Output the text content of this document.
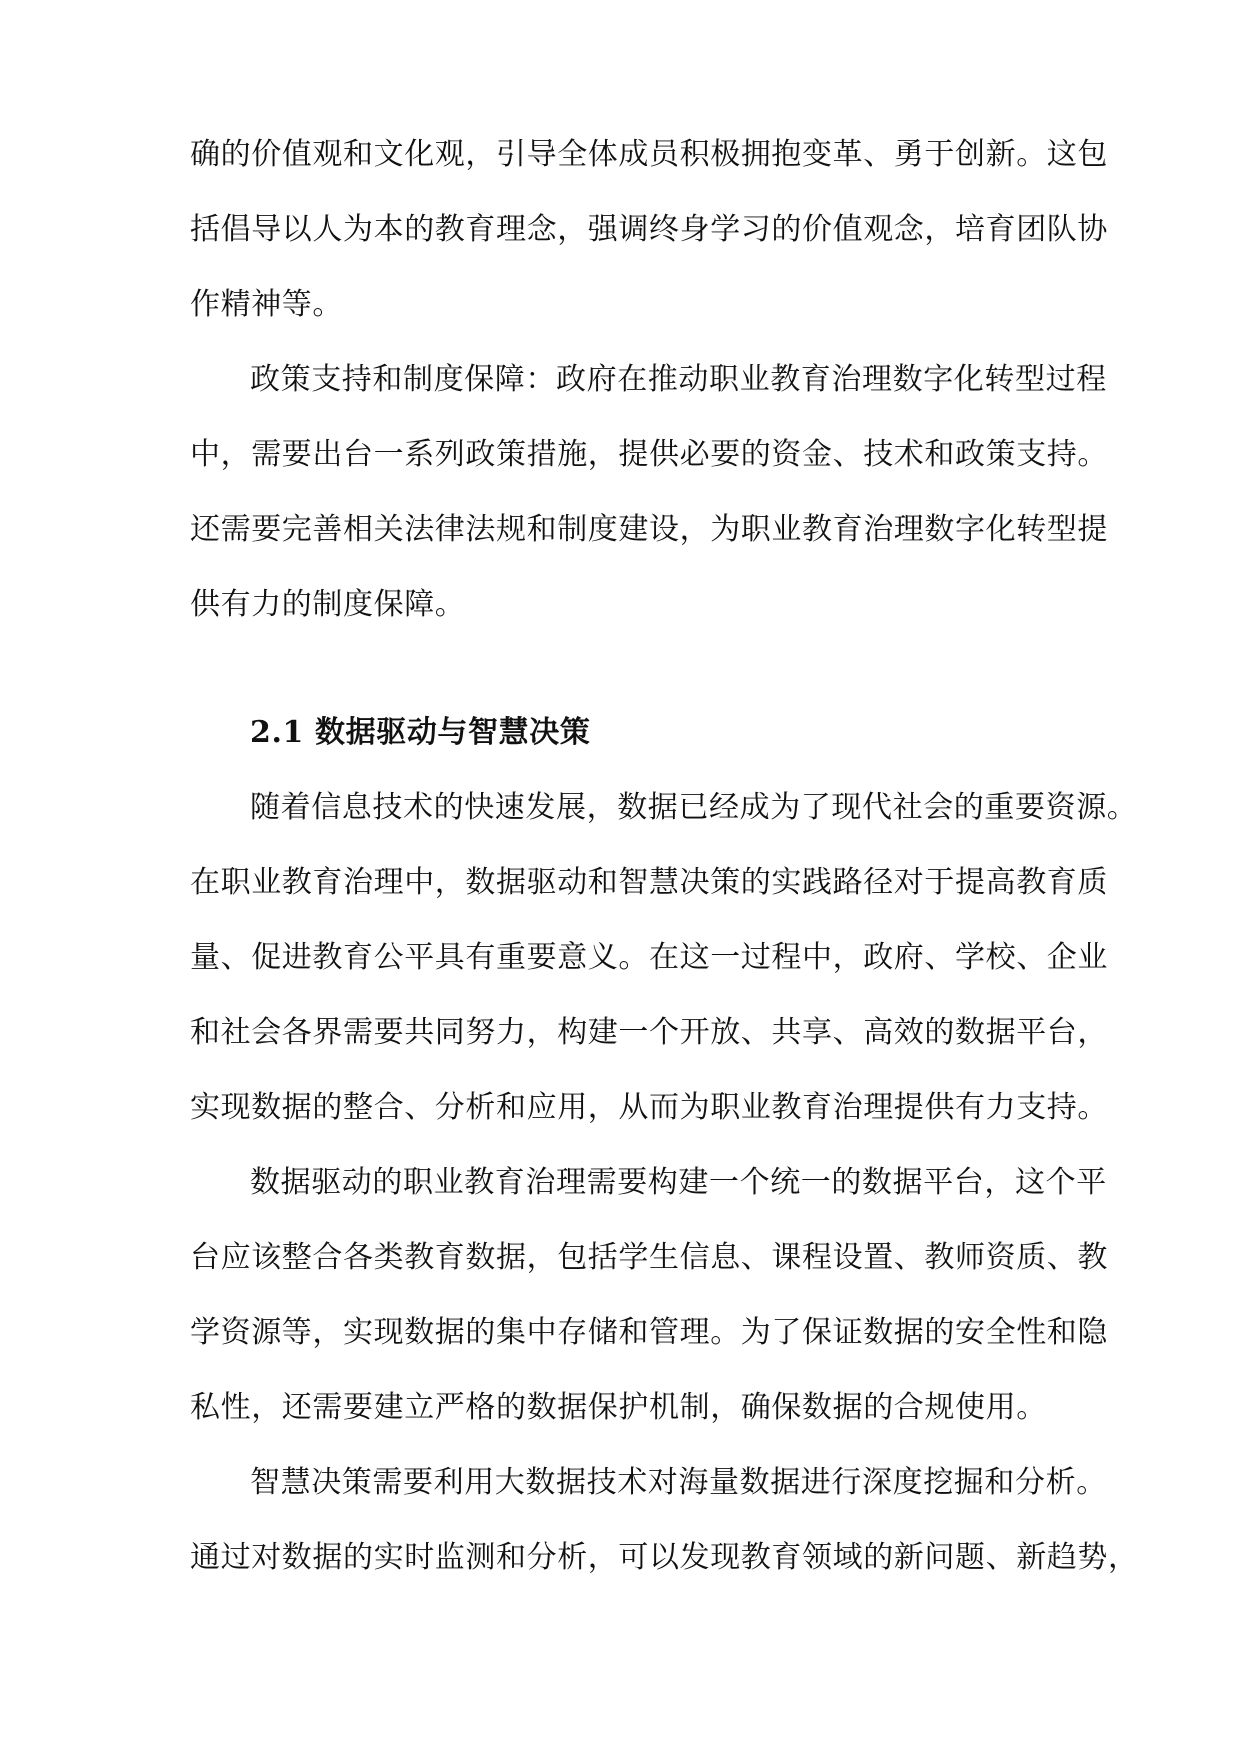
确的价值观和文化观，引导全体成员积极拥抱变革、勇于创新。这包
括倡导以人为本的教育理念，强调终身学习的价值观念，培育团队协
作精神等。
政策支持和制度保障：政府在推动职业教育治理数字化转型过程
中，需要出台一系列政策措施，提供必要的资金、技术和政策支持。
还需要完善相关法律法规和制度建设，为职业教育治理数字化转型提
供有力的制度保障。
2.1 数据驱动与智慧决策
随着信息技术的快速发展，数据已经成为了现代社会的重要资源。
在职业教育治理中，数据驱动和智慧决策的实践路径对于提高教育质
量、促进教育公平具有重要意义。在这一过程中，政府、学校、企业
和社会各界需要共同努力，构建一个开放、共享、高效的数据平台，
实现数据的整合、分析和应用，从而为职业教育治理提供有力支持。
数据驱动的职业教育治理需要构建一个统一的数据平台，这个平
台应该整合各类教育数据，包括学生信息、课程设置、教师资质、教
学资源等，实现数据的集中存储和管理。为了保证数据的安全性和隐
私性，还需要建立严格的数据保护机制，确保数据的合规使用。
智慧决策需要利用大数据技术对海量数据进行深度挖掘和分析。
通过对数据的实时监测和分析，可以发现教育领域的新问题、新趋势，
